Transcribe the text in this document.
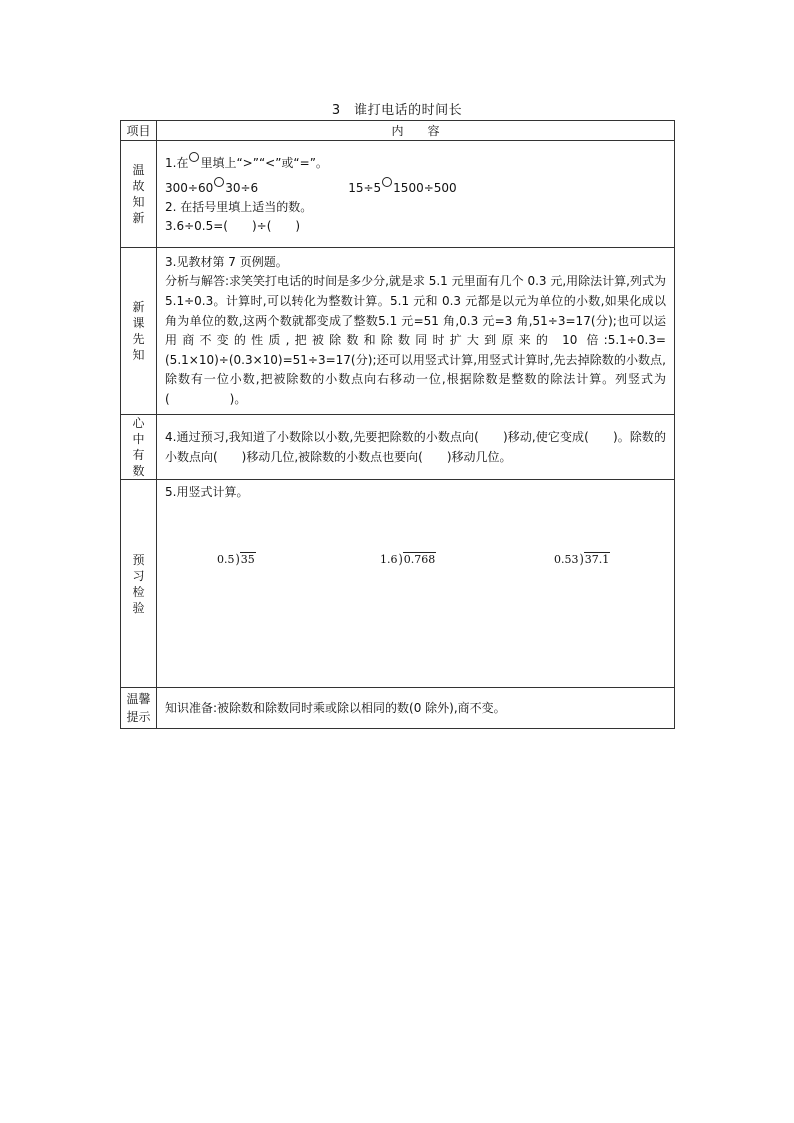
3　谁打电话的时间长
项目	内　　容
温故知新	1.在 里填上“>”“<”或“=”。
300÷60 30÷6 15÷5 1500÷500
2. 在括号里填上适当的数。
3.6÷0.5=(　　)÷(　　)

新课先知	3.见教材第 7 页例题。
分析与解答:求笑笑打电话的时间是多少分,就是求 5.1 元里面有几个 0.3 元,用除法计算,列式为 5.1÷0.3。计算时,可以转化为整数计算。5.1 元和 0.3 元都是以元为单位的小数,如果化成以角为单位的数,这两个数就都变成了整数5.1 元=51 角,0.3 元=3 角,51÷3=17(分);也可以运用商不变的性质,把被除数和除数同时扩大到原来的 10 倍:5.1÷0.3=(5.1×10)÷(0.3×10)=51÷3=17(分);还可以用竖式计算,用竖式计算时,先去掉除数的小数点,除数有一位小数,把被除数的小数点向右移动一位,根据除数是整数的除法计算。列竖式为(　　　　　)。

心中有数	4.通过预习,我知道了小数除以小数,先要把除数的小数点向(　　)移动,使它变成(　　)。除数的小数点向(　　)移动几位,被除数的小数点也要向(　　)移动几位。

预习检验	5.用竖式计算。
0.5)35 1.6)0.768 0.53)37.1

温馨提示	知识准备:被除数和除数同时乘或除以相同的数(0 除外),商不变。
